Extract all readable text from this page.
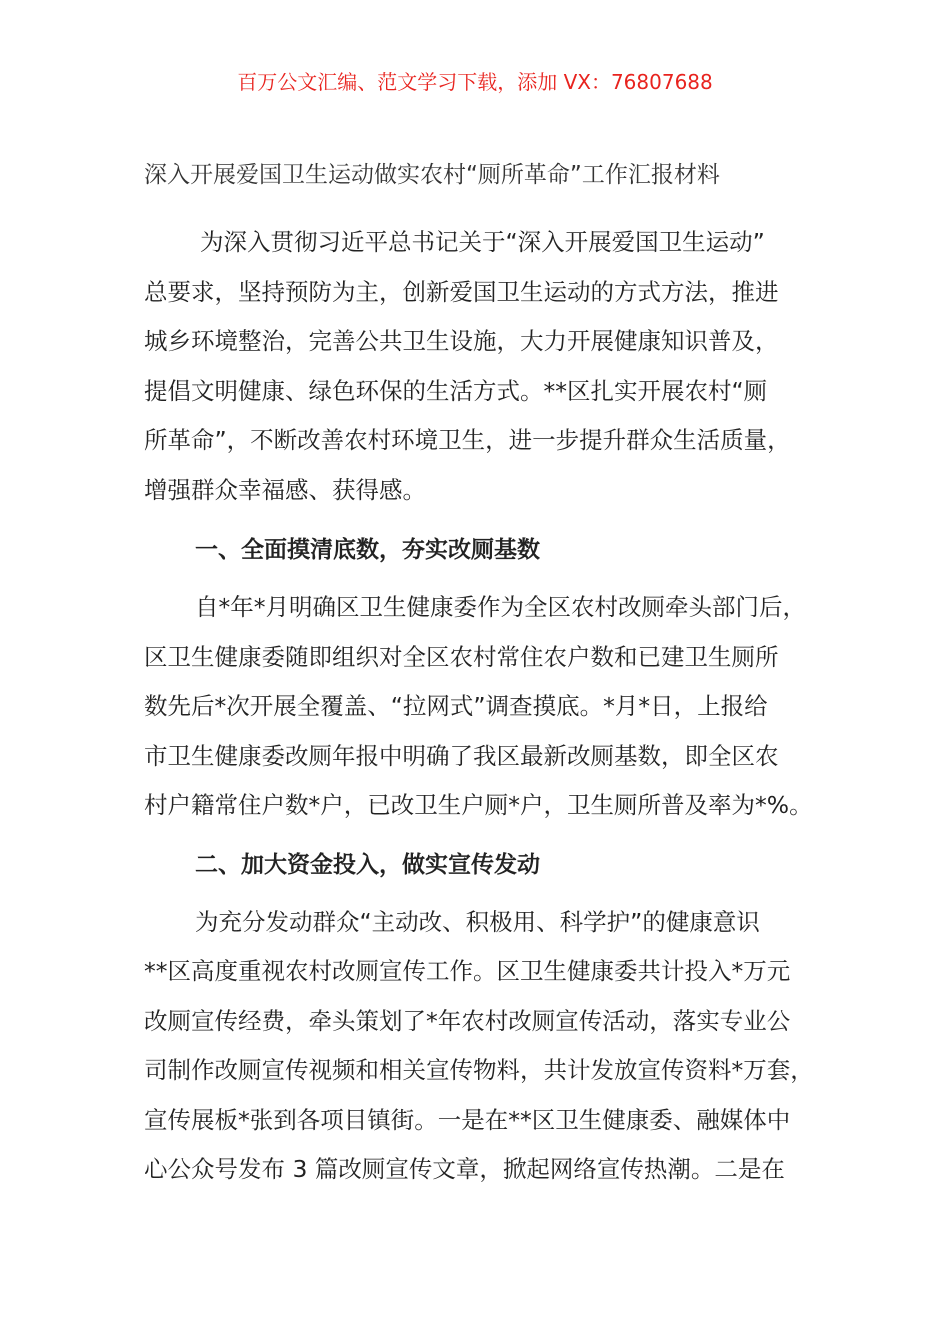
百万公文汇编、范文学习下载，添加 VX：76807688
深入开展爱国卫生运动做实农村“厕所革命”工作汇报材料
为深入贯彻习近平总书记关于“深入开展爱国卫生运动”
总要求，坚持预防为主，创新爱国卫生运动的方式方法，推进
城乡环境整治，完善公共卫生设施，大力开展健康知识普及，
提倡文明健康、绿色环保的生活方式。**区扎实开展农村“厕
所革命”，不断改善农村环境卫生，进一步提升群众生活质量，
增强群众幸福感、获得感。
一、全面摸清底数，夯实改厕基数
自*年*月明确区卫生健康委作为全区农村改厕牵头部门后，
区卫生健康委随即组织对全区农村常住农户数和已建卫生厕所
数先后*次开展全覆盖、“拉网式”调查摸底。*月*日，上报给
市卫生健康委改厕年报中明确了我区最新改厕基数，即全区农
村户籍常住户数*户，已改卫生户厕*户，卫生厕所普及率为*%。
二、加大资金投入，做实宣传发动
为充分发动群众“主动改、积极用、科学护”的健康意识
**区高度重视农村改厕宣传工作。区卫生健康委共计投入*万元
改厕宣传经费，牵头策划了*年农村改厕宣传活动，落实专业公
司制作改厕宣传视频和相关宣传物料，共计发放宣传资料*万套，
宣传展板*张到各项目镇街。一是在**区卫生健康委、融媒体中
心公众号发布 3 篇改厕宣传文章，掀起网络宣传热潮。二是在
